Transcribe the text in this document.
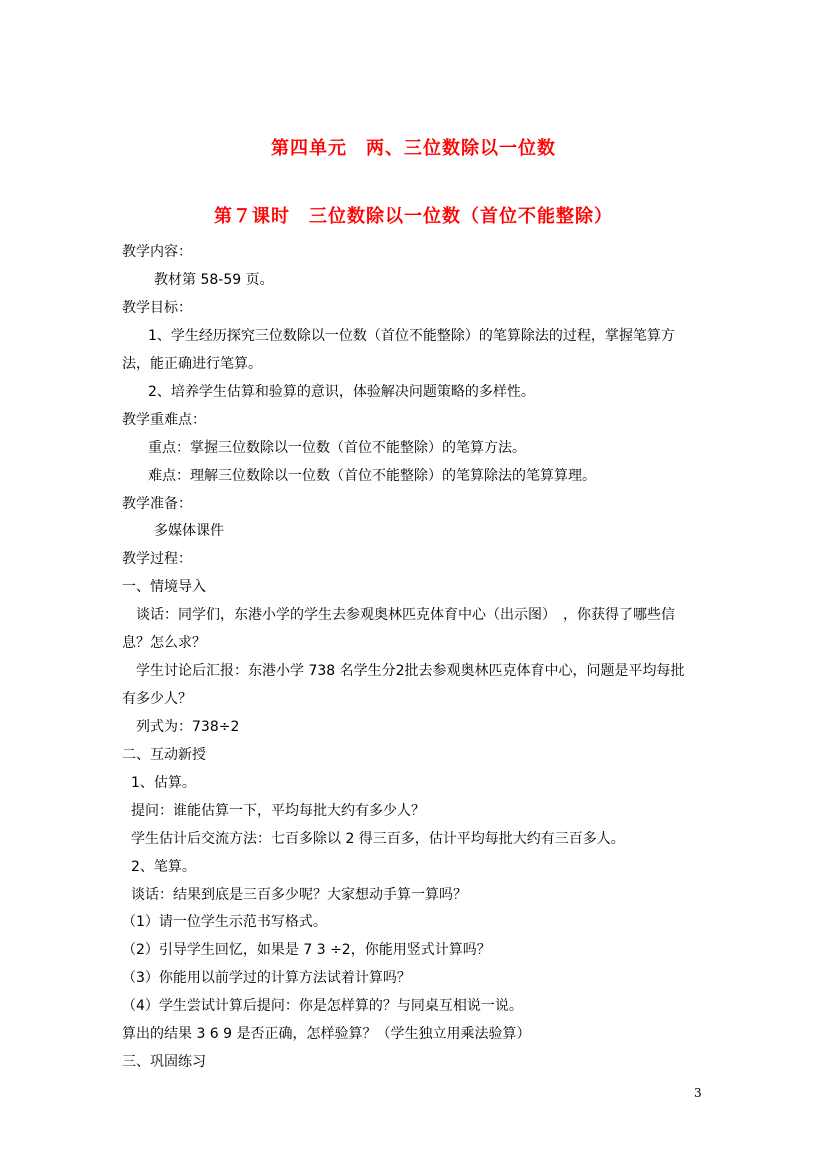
第四单元　两、三位数除以一位数
第７课时　三位数除以一位数（首位不能整除）
教学内容：
教材第 58-59 页。
教学目标：
1、学生经历探究三位数除以一位数（首位不能整除）的笔算除法的过程，掌握笔算方
法，能正确进行笔算。
2、培养学生估算和验算的意识，体验解决问题策略的多样性。
教学重难点：
重点：掌握三位数除以一位数（首位不能整除）的笔算方法。
难点：理解三位数除以一位数（首位不能整除）的笔算除法的笔算算理。
教学准备：
多媒体课件
教学过程：
一、情境导入
谈话：同学们，东港小学的学生去参观奥林匹克体育中心（出示图）　，你获得了哪些信
息？怎么求？
学生讨论后汇报：东港小学 738 名学生分2批去参观奥林匹克体育中心，问题是平均每批
有多少人？
列式为：738÷2
二、互动新授
1、估算。
提问：谁能估算一下，平均每批大约有多少人？
学生估计后交流方法：七百多除以 2 得三百多，估计平均每批大约有三百多人。
2、笔算。
谈话：结果到底是三百多少呢？大家想动手算一算吗？
（1）请一位学生示范书写格式。
（2）引导学生回忆，如果是 7 3 ÷2，你能用竖式计算吗？
（3）你能用以前学过的计算方法试着计算吗？
（4）学生尝试计算后提问：你是怎样算的？与同桌互相说一说。
算出的结果 3 6 9 是否正确，怎样验算？（学生独立用乘法验算）
三、巩固练习
3
